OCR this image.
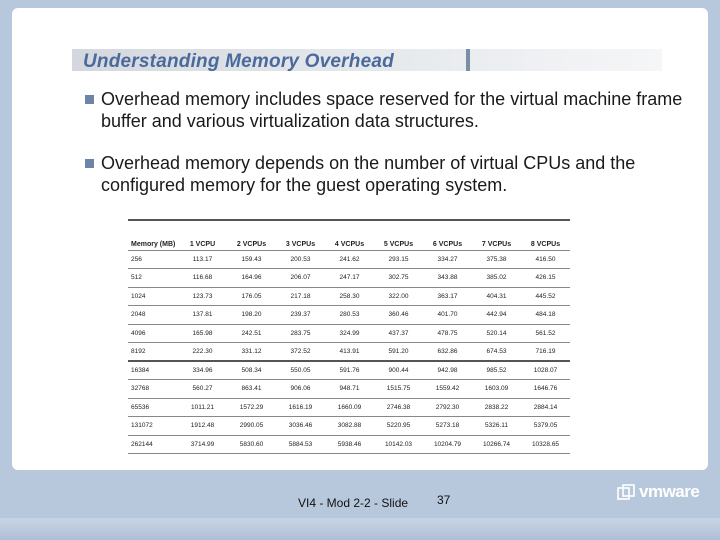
Understanding Memory Overhead
Overhead memory includes space reserved for the virtual machine frame buffer and various virtualization data structures.
Overhead memory depends on the number of virtual CPUs and the configured memory for the guest operating system.
Memory (MB)	1 VCPU	2 VCPUs	3 VCPUs	4 VCPUs	5 VCPUs	6 VCPUs	7 VCPUs	8 VCPUs
256	113.17	159.43	200.53	241.62	293.15	334.27	375.38	416.50
512	116.68	164.96	206.07	247.17	302.75	343.88	385.02	426.15
1024	123.73	176.05	217.18	258.30	322.00	363.17	404.31	445.52
2048	137.81	198.20	239.37	280.53	360.46	401.70	442.94	484.18
4096	165.98	242.51	283.75	324.99	437.37	478.75	520.14	561.52
8192	222.30	331.12	372.52	413.91	591.20	632.86	674.53	716.19
16384	334.96	508.34	550.05	591.76	900.44	942.98	985.52	1028.07
32768	560.27	863.41	906.06	948.71	1515.75	1559.42	1603.09	1646.76
65536	1011.21	1572.29	1616.19	1660.09	2746.38	2792.30	2838.22	2884.14
131072	1912.48	2990.05	3036.46	3082.88	5220.95	5273.18	5326.11	5379.05
262144	3714.99	5830.60	5884.53	5938.46	10142.03	10204.79	10266.74	10328.65
VI4 - Mod 2-2 - Slide 37	vmware
